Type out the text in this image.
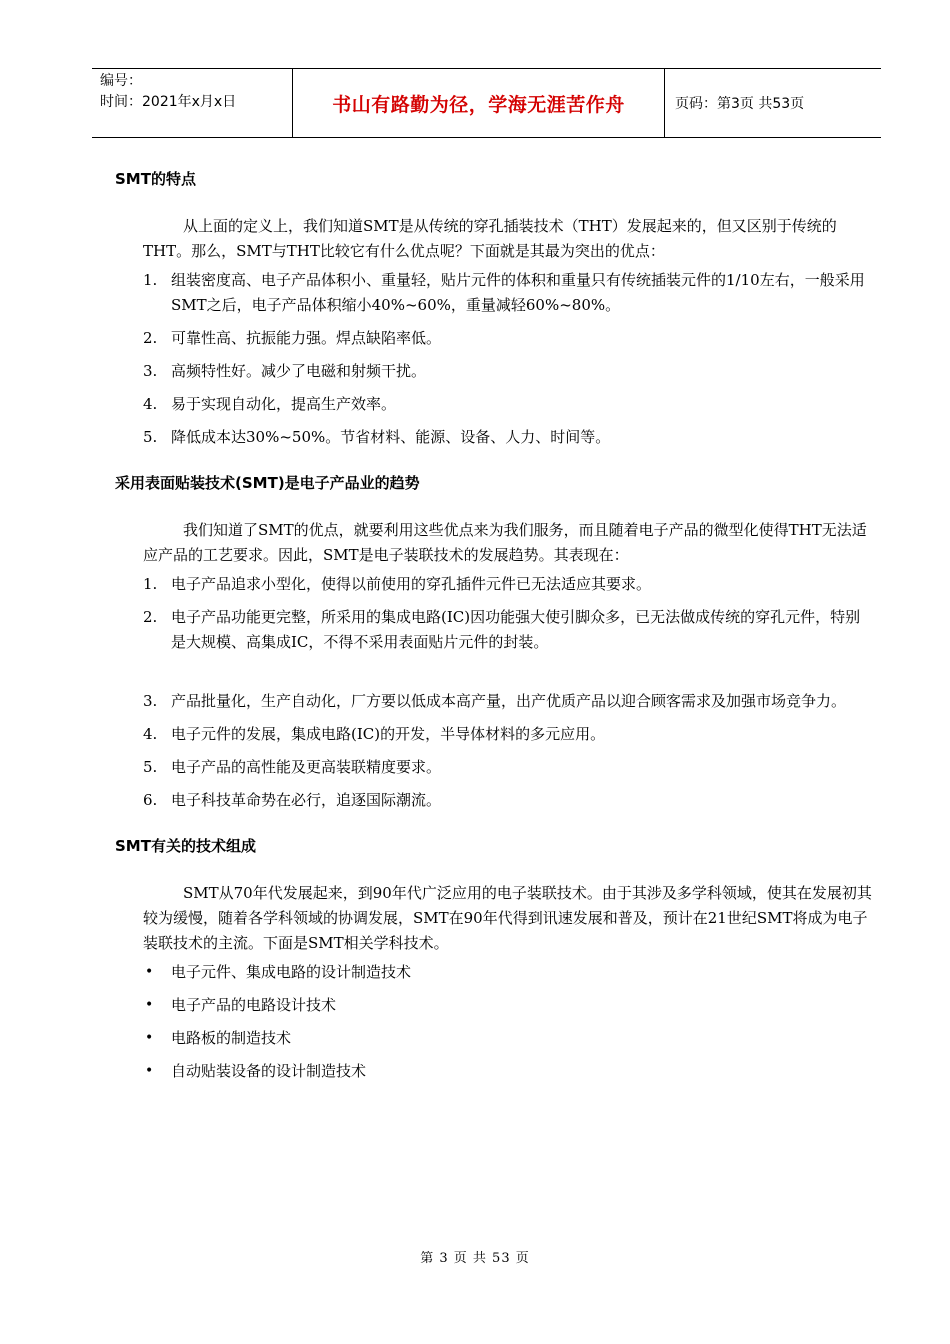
编号：
时间：2021年x月x日	书山有路勤为径，学海无涯苦作舟	页码：第3页 共53页
SMT的特点

从上面的定义上，我们知道SMT是从传统的穿孔插装技术（THT）发展起来的，但又区别于传统的THT。那么，SMT与THT比较它有什么优点呢？下面就是其最为突出的优点：

1. 组装密度高、电子产品体积小、重量轻，贴片元件的体积和重量只有传统插装元件的1/10左右，一般采用SMT之后，电子产品体积缩小40%~60%，重量减轻60%~80%。
2. 可靠性高、抗振能力强。焊点缺陷率低。
3. 高频特性好。减少了电磁和射频干扰。
4. 易于实现自动化，提高生产效率。
5. 降低成本达30%~50%。节省材料、能源、设备、人力、时间等。
采用表面贴装技术(SMT)是电子产品业的趋势

我们知道了SMT的优点，就要利用这些优点来为我们服务，而且随着电子产品的微型化使得THT无法适应产品的工艺要求。因此，SMT是电子装联技术的发展趋势。其表现在：

1. 电子产品追求小型化，使得以前使用的穿孔插件元件已无法适应其要求。
2. 电子产品功能更完整，所采用的集成电路(IC)因功能强大使引脚众多，已无法做成传统的穿孔元件，特别是大规模、高集成IC，不得不采用表面贴片元件的封装。
3. 产品批量化，生产自动化，厂方要以低成本高产量，出产优质产品以迎合顾客需求及加强市场竞争力。
4. 电子元件的发展，集成电路(IC)的开发，半导体材料的多元应用。
5. 电子产品的高性能及更高装联精度要求。
6. 电子科技革命势在必行，追逐国际潮流。
SMT有关的技术组成

SMT从70年代发展起来，到90年代广泛应用的电子装联技术。由于其涉及多学科领域，使其在发展初其较为缓慢，随着各学科领域的协调发展，SMT在90年代得到讯速发展和普及，预计在21世纪SMT将成为电子装联技术的主流。下面是SMT相关学科技术。

• 电子元件、集成电路的设计制造技术
• 电子产品的电路设计技术
• 电路板的制造技术
• 自动贴装设备的设计制造技术
第 3 页 共 53 页
